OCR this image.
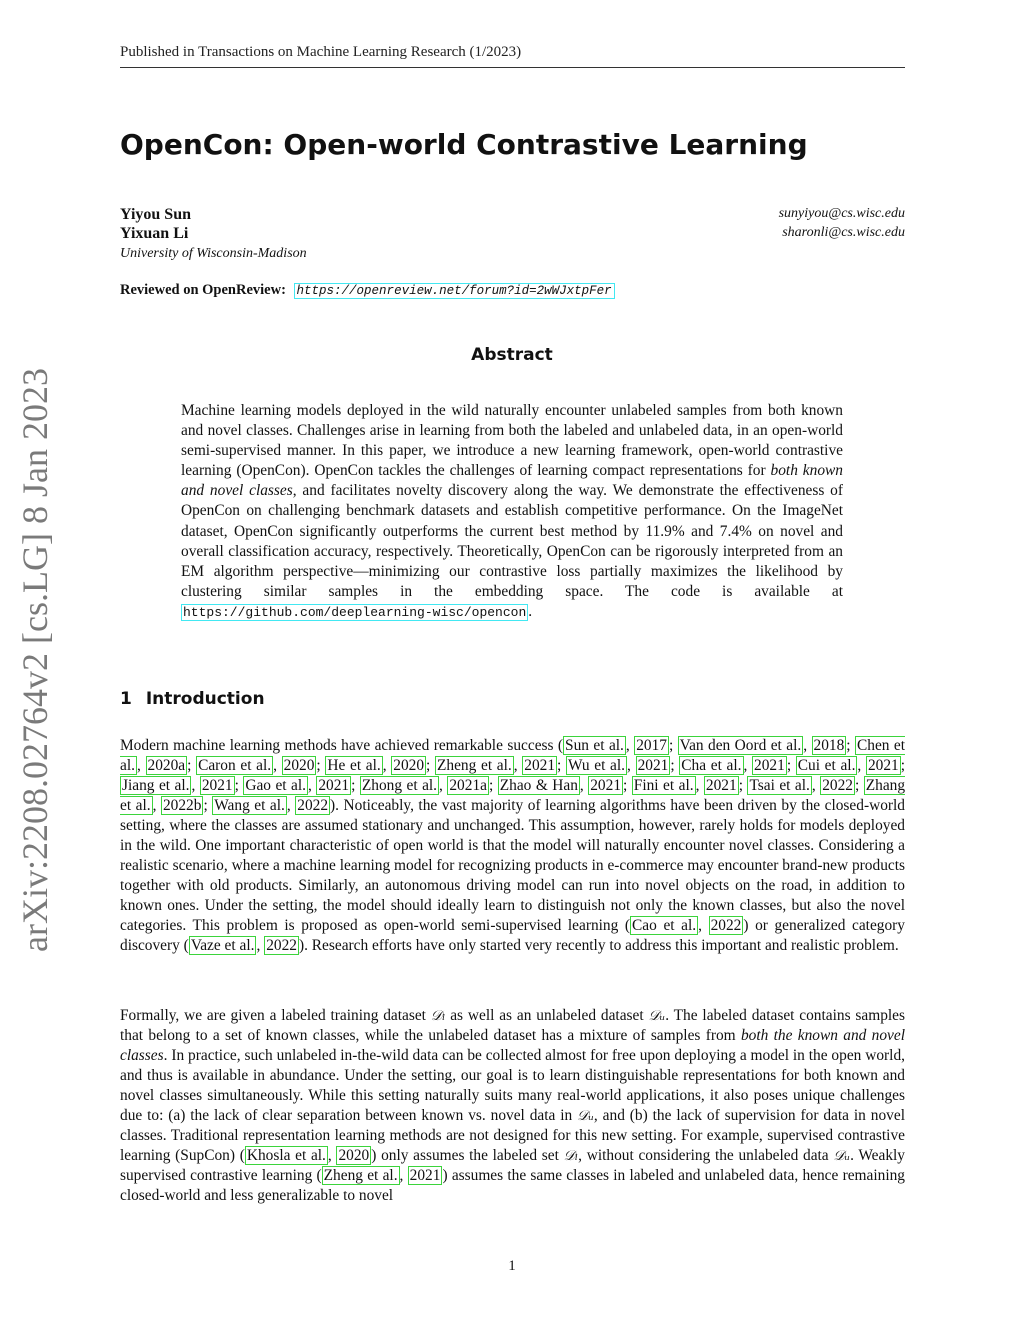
Published in Transactions on Machine Learning Research (1/2023)
arXiv:2208.02764v2 [cs.LG] 8 Jan 2023
OpenCon: Open-world Contrastive Learning
Yiyou Sun	sunyiyou@cs.wisc.edu
Yixuan Li	sharonli@cs.wisc.edu
University of Wisconsin-Madison
Reviewed on OpenReview: https://openreview.net/forum?id=2wWJxtpFer
Abstract

Machine learning models deployed in the wild naturally encounter unlabeled samples from both known and novel classes. Challenges arise in learning from both the labeled and unlabeled data, in an open-world semi-supervised manner. In this paper, we introduce a new learning framework, open-world contrastive learning (OpenCon). OpenCon tackles the challenges of learning compact representations for both known and novel classes, and facilitates novelty discovery along the way. We demonstrate the effectiveness of OpenCon on challenging benchmark datasets and establish competitive performance. On the ImageNet dataset, OpenCon significantly outperforms the current best method by 11.9% and 7.4% on novel and overall classification accuracy, respectively. Theoretically, OpenCon can be rigorously interpreted from an EM algorithm perspective—minimizing our contrastive loss partially maximizes the likelihood by clustering similar samples in the embedding space. The code is available at https://github.com/deeplearning-wisc/opencon .

1 Introduction

Modern machine learning methods have achieved remarkable success ( Sun et al. , 2017 ; Van den Oord et al. , 2018 ; Chen et al. , 2020a ; Caron et al. , 2020 ; He et al. , 2020 ; Zheng et al. , 2021 ; Wu et al. , 2021 ; Cha et al. , 2021 ; Cui et al. , 2021 ; Jiang et al. , 2021 ; Gao et al. , 2021 ; Zhong et al. , 2021a ; Zhao & Han , 2021 ; Fini et al. , 2021 ; Tsai et al. , 2022 ; Zhang et al. , 2022b ; Wang et al. , 2022 ). Noticeably, the vast majority of learning algorithms have been driven by the closed-world setting, where the classes are assumed stationary and unchanged. This assumption, however, rarely holds for models deployed in the wild. One important characteristic of open world is that the model will naturally encounter novel classes. Considering a realistic scenario, where a machine learning model for recognizing products in e-commerce may encounter brand-new products together with old products. Similarly, an autonomous driving model can run into novel objects on the road, in addition to known ones. Under the setting, the model should ideally learn to distinguish not only the known classes, but also the novel categories. This problem is proposed as open-world semi-supervised learning ( Cao et al. , 2022 ) or generalized category discovery ( Vaze et al. , 2022 ). Research efforts have only started very recently to address this important and realistic problem.

Formally, we are given a labeled training dataset 𝒟ₗ as well as an unlabeled dataset 𝒟ᵤ. The labeled dataset contains samples that belong to a set of known classes, while the unlabeled dataset has a mixture of samples from both the known and novel classes. In practice, such unlabeled in-the-wild data can be collected almost for free upon deploying a model in the open world, and thus is available in abundance. Under the setting, our goal is to learn distinguishable representations for both known and novel classes simultaneously. While this setting naturally suits many real-world applications, it also poses unique challenges due to: (a) the lack of clear separation between known vs. novel data in 𝒟ᵤ, and (b) the lack of supervision for data in novel classes. Traditional representation learning methods are not designed for this new setting. For example, supervised contrastive learning (SupCon) ( Khosla et al. , 2020 ) only assumes the labeled set 𝒟ₗ, without considering the unlabeled data 𝒟ᵤ. Weakly supervised contrastive learning ( Zheng et al. , 2021 ) assumes the same classes in labeled and unlabeled data, hence remaining closed-world and less generalizable to novel

1
